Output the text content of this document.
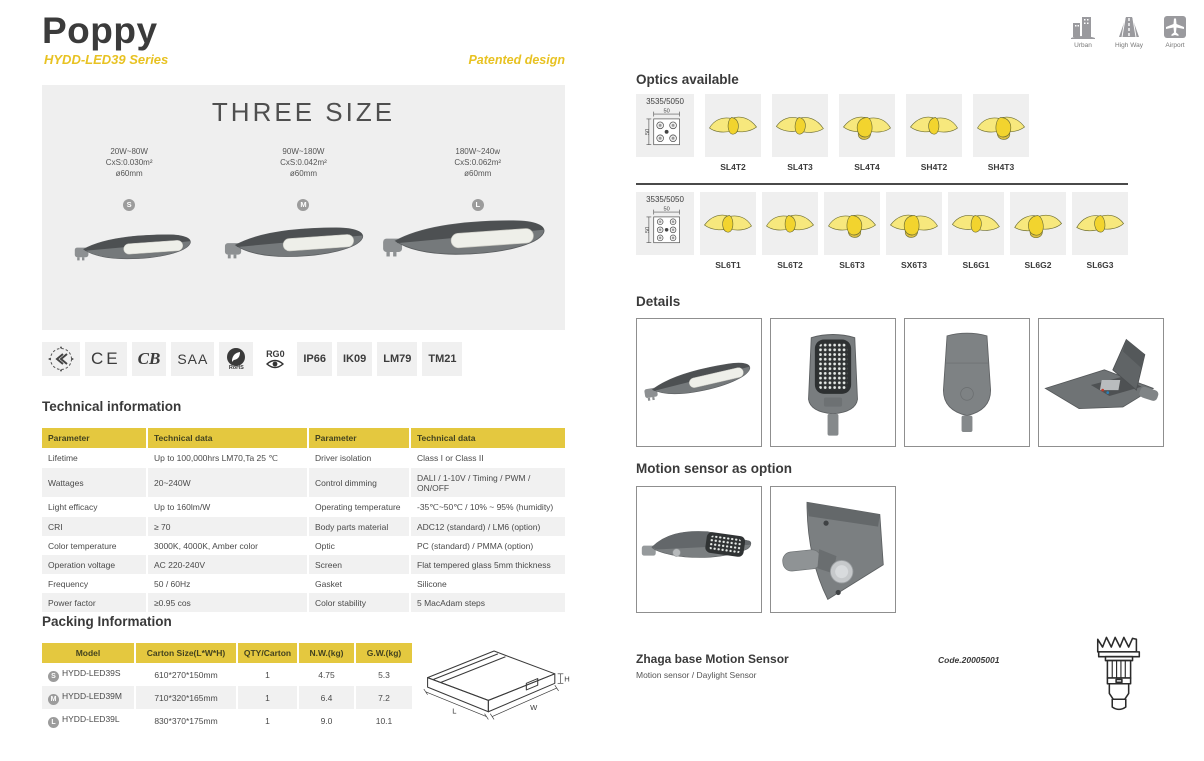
Poppy
HYDD-LED39 Series	Patented design
Urban	High Way	Airport
THREE SIZE
20W~80W
CxS:0.030m²
ø60mm
S
90W~180W
CxS:0.042m²
ø60mm
M
180W~240w
CxS:0.062m²
ø60mm
L
CE CB SAA
RoHS
RG0 IP66 IK09 LM79 TM21
Technical information
Parameter	Technical data	Parameter	Technical data
Lifetime	Up to 100,000hrs LM70,Ta 25 ℃	Driver isolation	Class I or Class II
Wattages	20~240W	Control dimming	DALI / 1-10V / Timing / PWM / ON/OFF
Light efficacy	Up to 160lm/W	Operating temperature	-35℃~50℃ / 10% ~ 95% (humidity)
CRI	≥ 70	Body parts material	ADC12 (standard) / LM6 (option)
Color temperature	3000K, 4000K, Amber color	Optic	PC (standard) / PMMA (option)
Operation voltage	AC 220-240V	Screen	Flat tempered glass 5mm thickness
Frequency	50 / 60Hz	Gasket	Silicone
Power factor	≥0.95 cos	Color stability	5 MacAdam steps
Packing Information
Model	Carton Size(L*W*H)	QTY/Carton	N.W.(kg)	G.W.(kg)
S HYDD-LED39S	610*270*150mm	1	4.75	5.3
M HYDD-LED39M	710*320*165mm	1	6.4	7.2
L HYDD-LED39L	830*370*175mm	1	9.0	10.1
L	W
H
Optics available
3535/5050
SL4T2	SL4T3	SL4T4	SH4T2	SH4T3
3535/5050
SL6T1	SL6T2	SL6T3	SX6T3	SL6G1	SL6G2	SL6G3
Details
Motion sensor as option
Zhaga base Motion Sensor
Motion sensor / Daylight Sensor
Code.20005001
